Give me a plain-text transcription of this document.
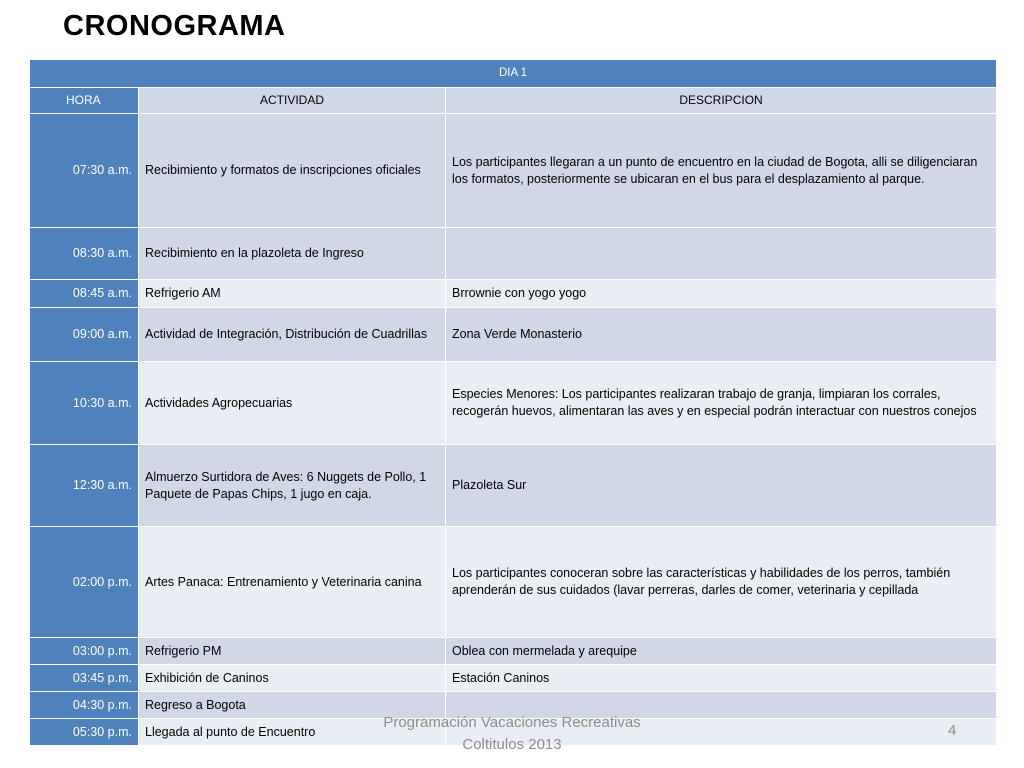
CRONOGRAMA
DIA 1		
HORA	ACTIVIDAD	DESCRIPCION
07:30 a.m.	Recibimiento y formatos de inscripciones oficiales	Los participantes llegaran a un punto de encuentro en la ciudad de Bogota, alli se diligenciaran los formatos, posteriormente se ubicaran en el bus para el desplazamiento al parque.
08:30 a.m.	Recibimiento en la plazoleta de Ingreso	
08:45 a.m.	Refrigerio AM	Brrownie con yogo yogo
09:00 a.m.	Actividad de Integración, Distribución de Cuadrillas	Zona Verde Monasterio
10:30 a.m.	Actividades Agropecuarias	Especies Menores: Los participantes realizaran trabajo de granja, limpiaran los corrales, recogerán huevos, alimentaran las aves y en especial podrán interactuar con nuestros conejos
12:30 a.m.	Almuerzo Surtidora de Aves: 6 Nuggets de Pollo, 1 Paquete de Papas Chips, 1 jugo en caja.	Plazoleta Sur
02:00 p.m.	Artes Panaca: Entrenamiento y Veterinaria canina	Los participantes conoceran sobre las características y habilidades de los perros, también aprenderán de sus cuidados (lavar perreras, darles de comer, veterinaria y cepillada
03:00 p.m.	Refrigerio PM	Oblea con mermelada y arequipe
03:45 p.m.	Exhibición de Caninos	Estación Caninos
04:30 p.m.	Regreso a Bogota	
05:30 p.m.	Llegada al punto de Encuentro	
Programación Vacaciones Recreativas
Coltitulos 2013
4
